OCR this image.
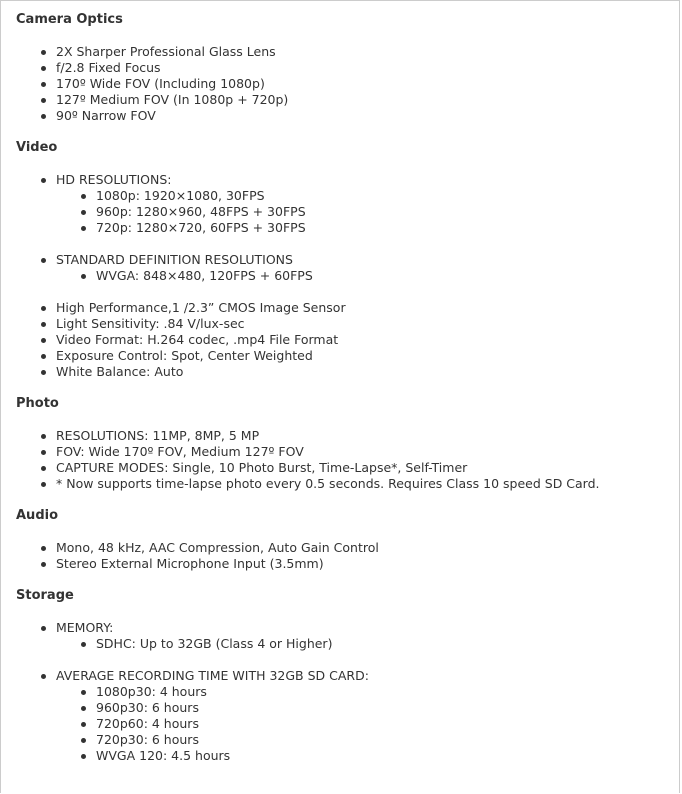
Camera Optics
2X Sharper Professional Glass Lens
f/2.8 Fixed Focus
170º Wide FOV (Including 1080p)
127º Medium FOV (In 1080p + 720p)
90º Narrow FOV
Video
HD RESOLUTIONS:
1080p: 1920×1080, 30FPS
960p: 1280×960, 48FPS + 30FPS
720p: 1280×720, 60FPS + 30FPS
STANDARD DEFINITION RESOLUTIONS
WVGA: 848×480, 120FPS + 60FPS
High Performance,1 /2.3” CMOS Image Sensor
Light Sensitivity: .84 V/lux-sec
Video Format: H.264 codec, .mp4 File Format
Exposure Control: Spot, Center Weighted
White Balance: Auto
Photo
RESOLUTIONS: 11MP, 8MP, 5 MP
FOV: Wide 170º FOV, Medium 127º FOV
CAPTURE MODES: Single, 10 Photo Burst, Time-Lapse*, Self-Timer
* Now supports time-lapse photo every 0.5 seconds. Requires Class 10 speed SD Card.
Audio
Mono, 48 kHz, AAC Compression, Auto Gain Control
Stereo External Microphone Input (3.5mm)
Storage
MEMORY:
SDHC: Up to 32GB (Class 4 or Higher)
AVERAGE RECORDING TIME WITH 32GB SD CARD:
1080p30: 4 hours
960p30: 6 hours
720p60: 4 hours
720p30: 6 hours
WVGA 120: 4.5 hours
